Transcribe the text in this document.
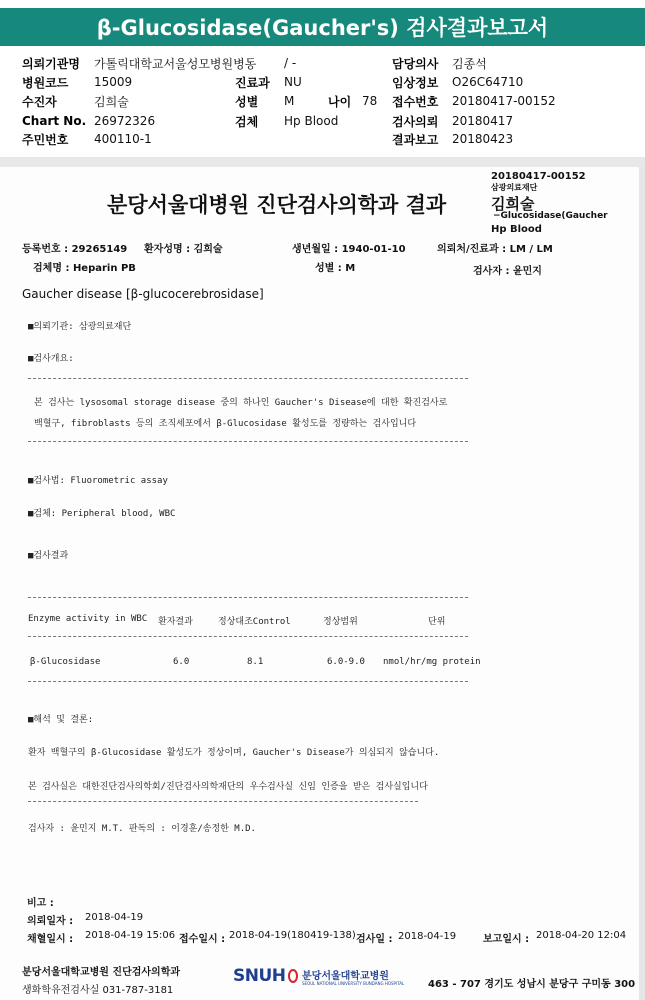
β-Glucosidase(Gaucher's) 검사결과보고서
의뢰기관명	가톨릭대학교서울성모병원병동	/ -	담당의사	김종석
병원코드	15009	진료과	NU	임상정보	O26C64710
수진자	김희술	성별	M	나이 78	접수번호	20180417-00152
Chart No. 26972326	검체	Hp Blood	검사의뢰	20180417
주민번호	400110-1	결과보고	20180423
20180417-00152
삼광의료재단
김희술
−Glucosidase(Gaucher
Hp Blood
분당서울대병원 진단검사의학과 결과
등록번호 : 29265149 환자성명 : 김희술	생년월일 : 1940-01-10	의뢰처/진료과 : LM / LM
검체명 : Heparin PB	성별 : M	검사자 : 윤민지
Gaucher disease [β-glucocerebrosidase]
■의뢰기관: 삼광의료재단
■검사개요:
본 검사는 lysosomal storage disease 중의 하나인 Gaucher's Disease에 대한 확진검사로
백혈구, fibroblasts 등의 조직세포에서 β-Glucosidase 활성도를 정량하는 검사입니다
■검사법: Fluorometric assay
■검체: Peripheral blood, WBC
■검사결과
Enzyme activity in WBC 환자결과	정상대조Control	정상범위	단위
β-Glucosidase	6.0	8.1	6.0-9.0 nmol/hr/mg protein
■해석 및 결론:
환자 백혈구의 β-Glucosidase 활성도가 정상이며, Gaucher's Disease가 의심되지 않습니다.
본 검사실은 대한진단검사의학회/진단검사의학재단의 우수검사실 신임 인증을 받은 검사실입니다
검사자 : 윤민지 M.T. 판독의 : 이경훈/송정한 M.D.
비고 :
의뢰일자 : 2018-04-19
채혈일시 : 2018-04-19 15:06 접수일시 : 2018-04-19(180419-138) 검사일 : 2018-04-19	보고일시 : 2018-04-20 12:04
분당서울대학교병원 진단검사의학과
생화학유전검사실 031-787-3181
SNUH 분당서울대학교병원
SEOUL NATIONAL UNIVERSITY BUNDANG HOSPITAL 463 - 707 경기도 성남시 분당구 구미동 300
